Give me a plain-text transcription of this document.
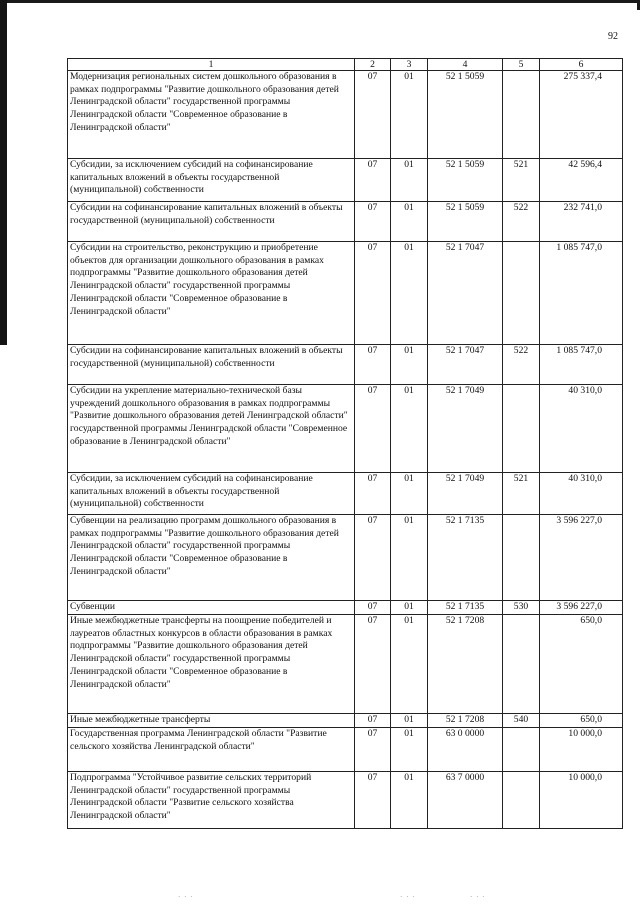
92
1	2	3	4	5	6
Модернизация региональных систем дошкольного образования в рамках подпрограммы "Развитие дошкольного образования детей Ленинградской области" государственной программы Ленинградской области "Современное образование в Ленинградской области"	07	01	52 1 5059		275 337,4
Субсидии, за исключением субсидий на софинансирование капитальных вложений в объекты государственной (муниципальной) собственности	07	01	52 1 5059	521	42 596,4
Субсидии на софинансирование капитальных вложений в объекты государственной (муниципальной) собственности	07	01	52 1 5059	522	232 741,0
Субсидии на строительство, реконструкцию и приобретение объектов для организации дошкольного образования в рамках подпрограммы "Развитие дошкольного образования детей Ленинградской области" государственной программы Ленинградской области "Современное образование в Ленинградской области"	07	01	52 1 7047		1 085 747,0
Субсидии на софинансирование капитальных вложений в объекты государственной (муниципальной) собственности	07	01	52 1 7047	522	1 085 747,0
Субсидии на укрепление материально-технической базы учреждений дошкольного образования в рамках подпрограммы "Развитие дошкольного образования детей Ленинградской области" государственной программы Ленинградской области "Современное образование в Ленинградской области"	07	01	52 1 7049		40 310,0
Субсидии, за исключением субсидий на софинансирование капитальных вложений в объекты государственной (муниципальной) собственности	07	01	52 1 7049	521	40 310,0
Субвенции на реализацию программ дошкольного образования в рамках подпрограммы "Развитие дошкольного образования детей Ленинградской области" государственной программы Ленинградской области "Современное образование в Ленинградской области"	07	01	52 1 7135		3 596 227,0
Субвенции	07	01	52 1 7135	530	3 596 227,0
Иные межбюджетные трансферты на поощрение победителей и лауреатов областных конкурсов в области образования в рамках подпрограммы "Развитие дошкольного образования детей Ленинградской области" государственной программы Ленинградской области "Современное образование в Ленинградской области"	07	01	52 1 7208		650,0
Иные межбюджетные трансферты	07	01	52 1 7208	540	650,0
Государственная программа Ленинградской области "Развитие сельского хозяйства Ленинградской области"	07	01	63 0 0000		10 000,0
Подпрограмма "Устойчивое развитие сельских территорий Ленинградской области" государственной программы Ленинградской области "Развитие сельского хозяйства Ленинградской области"	07	01	63 7 0000		10 000,0
· · ·	· · ·	· · ·
